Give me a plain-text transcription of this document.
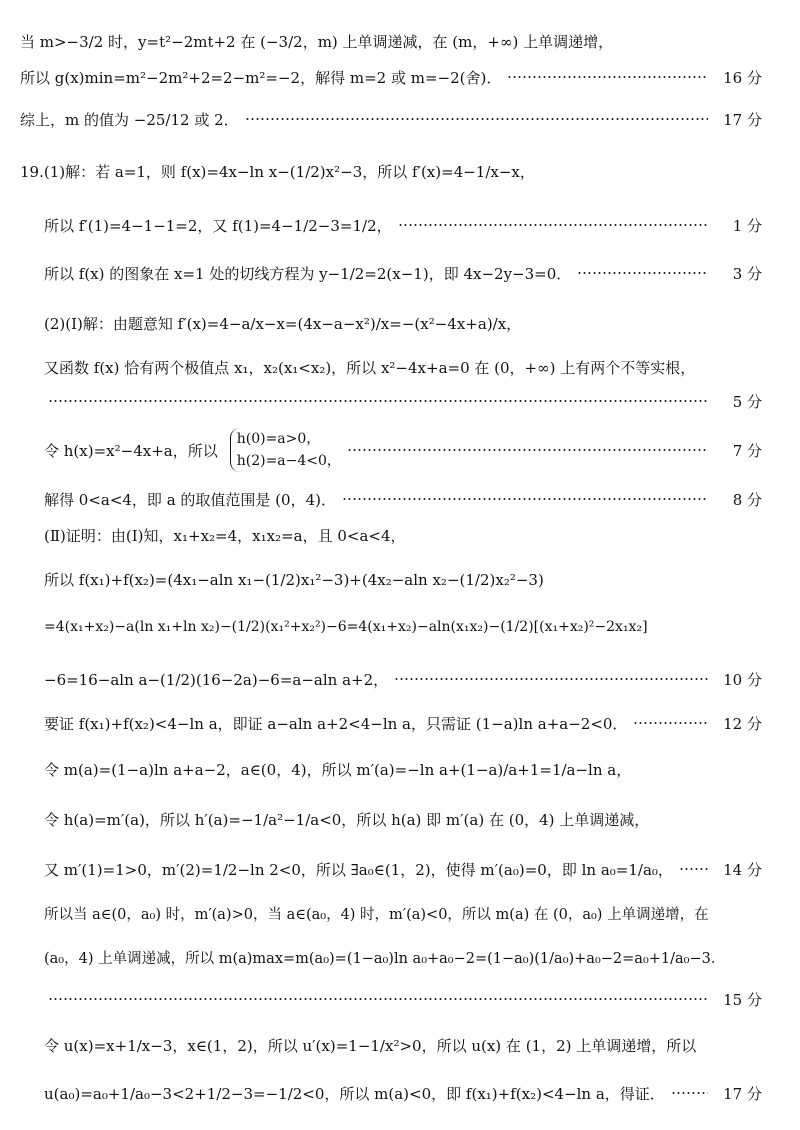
当 m>−3/2 时，y=t²−2mt+2 在 (−3/2，m) 上单调递减，在 (m，+∞) 上单调递增，
所以 g(x)min=m²−2m²+2=2−m²=−2，解得 m=2 或 m=−2(舍)．	16 分
综上，m 的值为 −25/12 或 2．	17 分
19.(1)解：若 a=1，则 f(x)=4x−ln x−(1/2)x²−3，所以 f′(x)=4−1/x−x，
所以 f′(1)=4−1−1=2，又 f(1)=4−1/2−3=1/2，	1 分
所以 f(x) 的图象在 x=1 处的切线方程为 y−1/2=2(x−1)，即 4x−2y−3=0．	3 分
(2)(Ⅰ)解：由题意知 f′(x)=4−a/x−x=(4x−a−x²)/x=−(x²−4x+a)/x，
又函数 f(x) 恰有两个极值点 x₁，x₂(x₁<x₂)，所以 x²−4x+a=0 在 (0，+∞) 上有两个不等实根，
5 分
令 h(x)=x²−4x+a，所以
h(0)=a>0，
h(2)=a−4<0，
7 分
解得 0<a<4，即 a 的取值范围是 (0，4)．	8 分
(Ⅱ)证明：由(Ⅰ)知，x₁+x₂=4，x₁x₂=a，且 0<a<4，
所以 f(x₁)+f(x₂)=(4x₁−aln x₁−(1/2)x₁²−3)+(4x₂−aln x₂−(1/2)x₂²−3)
=4(x₁+x₂)−a(ln x₁+ln x₂)−(1/2)(x₁²+x₂²)−6=4(x₁+x₂)−aln(x₁x₂)−(1/2)[(x₁+x₂)²−2x₁x₂]
−6=16−aln a−(1/2)(16−2a)−6=a−aln a+2，	10 分
要证 f(x₁)+f(x₂)<4−ln a，即证 a−aln a+2<4−ln a，只需证 (1−a)ln a+a−2<0．	12 分
令 m(a)=(1−a)ln a+a−2，a∈(0，4)，所以 m′(a)=−ln a+(1−a)/a+1=1/a−ln a，
令 h(a)=m′(a)，所以 h′(a)=−1/a²−1/a<0，所以 h(a) 即 m′(a) 在 (0，4) 上单调递减，
又 m′(1)=1>0，m′(2)=1/2−ln 2<0，所以 ∃a₀∈(1，2)，使得 m′(a₀)=0，即 ln a₀=1/a₀，	14 分
所以当 a∈(0，a₀) 时，m′(a)>0，当 a∈(a₀，4) 时，m′(a)<0，所以 m(a) 在 (0，a₀) 上单调递增，在
(a₀，4) 上单调递减，所以 m(a)max=m(a₀)=(1−a₀)ln a₀+a₀−2=(1−a₀)(1/a₀)+a₀−2=a₀+1/a₀−3．
15 分
令 u(x)=x+1/x−3，x∈(1，2)，所以 u′(x)=1−1/x²>0，所以 u(x) 在 (1，2) 上单调递增，所以
u(a₀)=a₀+1/a₀−3<2+1/2−3=−1/2<0，所以 m(a)<0，即 f(x₁)+f(x₂)<4−ln a，得证．	17 分
